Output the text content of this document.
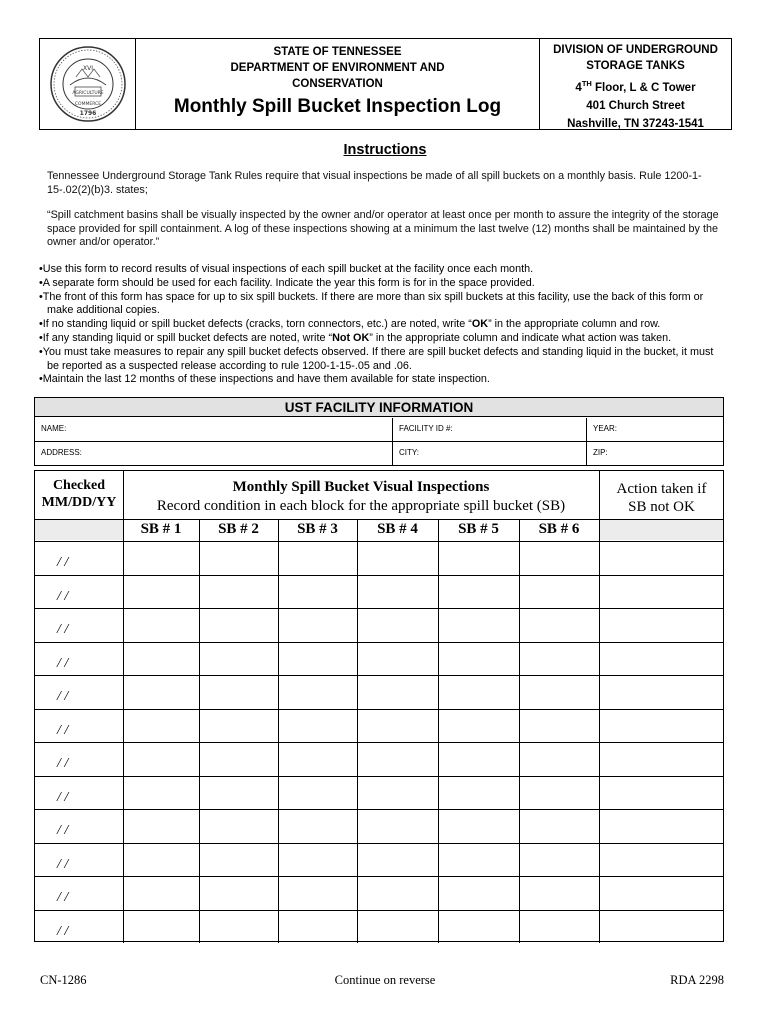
XVI
AGRICULTURE
COMMERCE
1796
STATE OF TENNESSEE
DEPARTMENT OF ENVIRONMENT AND
CONSERVATION
Monthly Spill Bucket Inspection Log
DIVISION OF UNDERGROUND
STORAGE TANKS
4TH Floor, L & C Tower
401 Church Street
Nashville, TN 37243-1541
Instructions
Tennessee Underground Storage Tank Rules require that visual inspections be made of all spill buckets on a monthly basis. Rule 1200-1-15-.02(2)(b)3. states;
“Spill catchment basins shall be visually inspected by the owner and/or operator at least once per month to assure the integrity of the storage space provided for spill containment. A log of these inspections showing at a minimum the last twelve (12) months shall be maintained by the owner and/or operator.”
•Use this form to record results of visual inspections of each spill bucket at the facility once each month.
•A separate form should be used for each facility. Indicate the year this form is for in the space provided.
•The front of this form has space for up to six spill buckets. If there are more than six spill buckets at this facility, use the back of this form or make additional copies.
•If no standing liquid or spill bucket defects (cracks, torn connectors, etc.) are noted, write “OK” in the appropriate column and row.
•If any standing liquid or spill bucket defects are noted, write “Not OK” in the appropriate column and indicate what action was taken.
•You must take measures to repair any spill bucket defects observed. If there are spill bucket defects and standing liquid in the bucket, it must be reported as a suspected release according to rule 1200-1-15-.05 and .06.
•Maintain the last 12 months of these inspections and have them available for state inspection.
UST FACILITY INFORMATION
NAME:	FACILITY ID #:	YEAR:
ADDRESS:	CITY:	ZIP:
Checked
MM/DD/YY
Monthly Spill Bucket Visual Inspections
Record condition in each block for the appropriate spill bucket (SB)
Action taken if
SB not OK
SB # 1	SB # 2	SB # 3	SB # 4	SB # 5	SB # 6
/ /
/ /
/ /
/ /
/ /
/ /
/ /
/ /
/ /
/ /
/ /
/ /
CN-1286	Continue on reverse	RDA 2298
